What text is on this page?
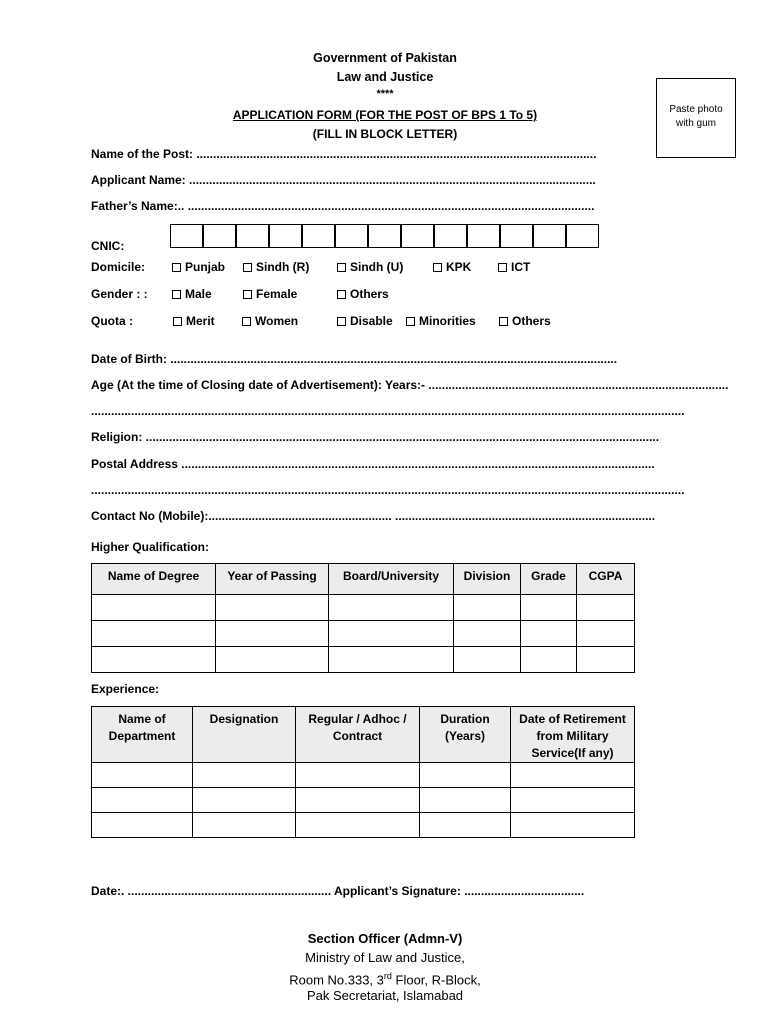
Government of Pakistan
Law and Justice
****
APPLICATION FORM (FOR THE POST OF BPS 1 To 5)
(FILL IN BLOCK LETTER)
Paste photo
with gum
Name of the Post: ........................................................................................................................
Applicant Name: ..........................................................................................................................
Father’s Name:.. ..........................................................................................................................
CNIC:
Domicile:	Punjab	Sindh (R)	Sindh (U)	KPK	ICT
Gender : :	Male	Female	Others
Quota :	Merit	Women	Disable Minorities	Others
Date of Birth: ......................................................................................................................................
Age (At the time of Closing date of Advertisement): Years:- ..........................................................................................
..................................................................................................................................................................................
Religion: ..........................................................................................................................................................
Postal Address ..............................................................................................................................................
..................................................................................................................................................................................
Contact No (Mobile):....................................................... ..............................................................................
Higher Qualification:
Name of Degree	Year of Passing	Board/University	Division	Grade	CGPA

Experience:
Name of Department	Designation	Regular / Adhoc / Contract	Duration (Years)	Date of Retirement from Military Service(If any)

Date:. ............................................................. Applicant’s Signature: ....................................
Section Officer (Admn-V)
Ministry of Law and Justice,
Room No.333, 3rd Floor, R-Block,
Pak Secretariat, Islamabad
